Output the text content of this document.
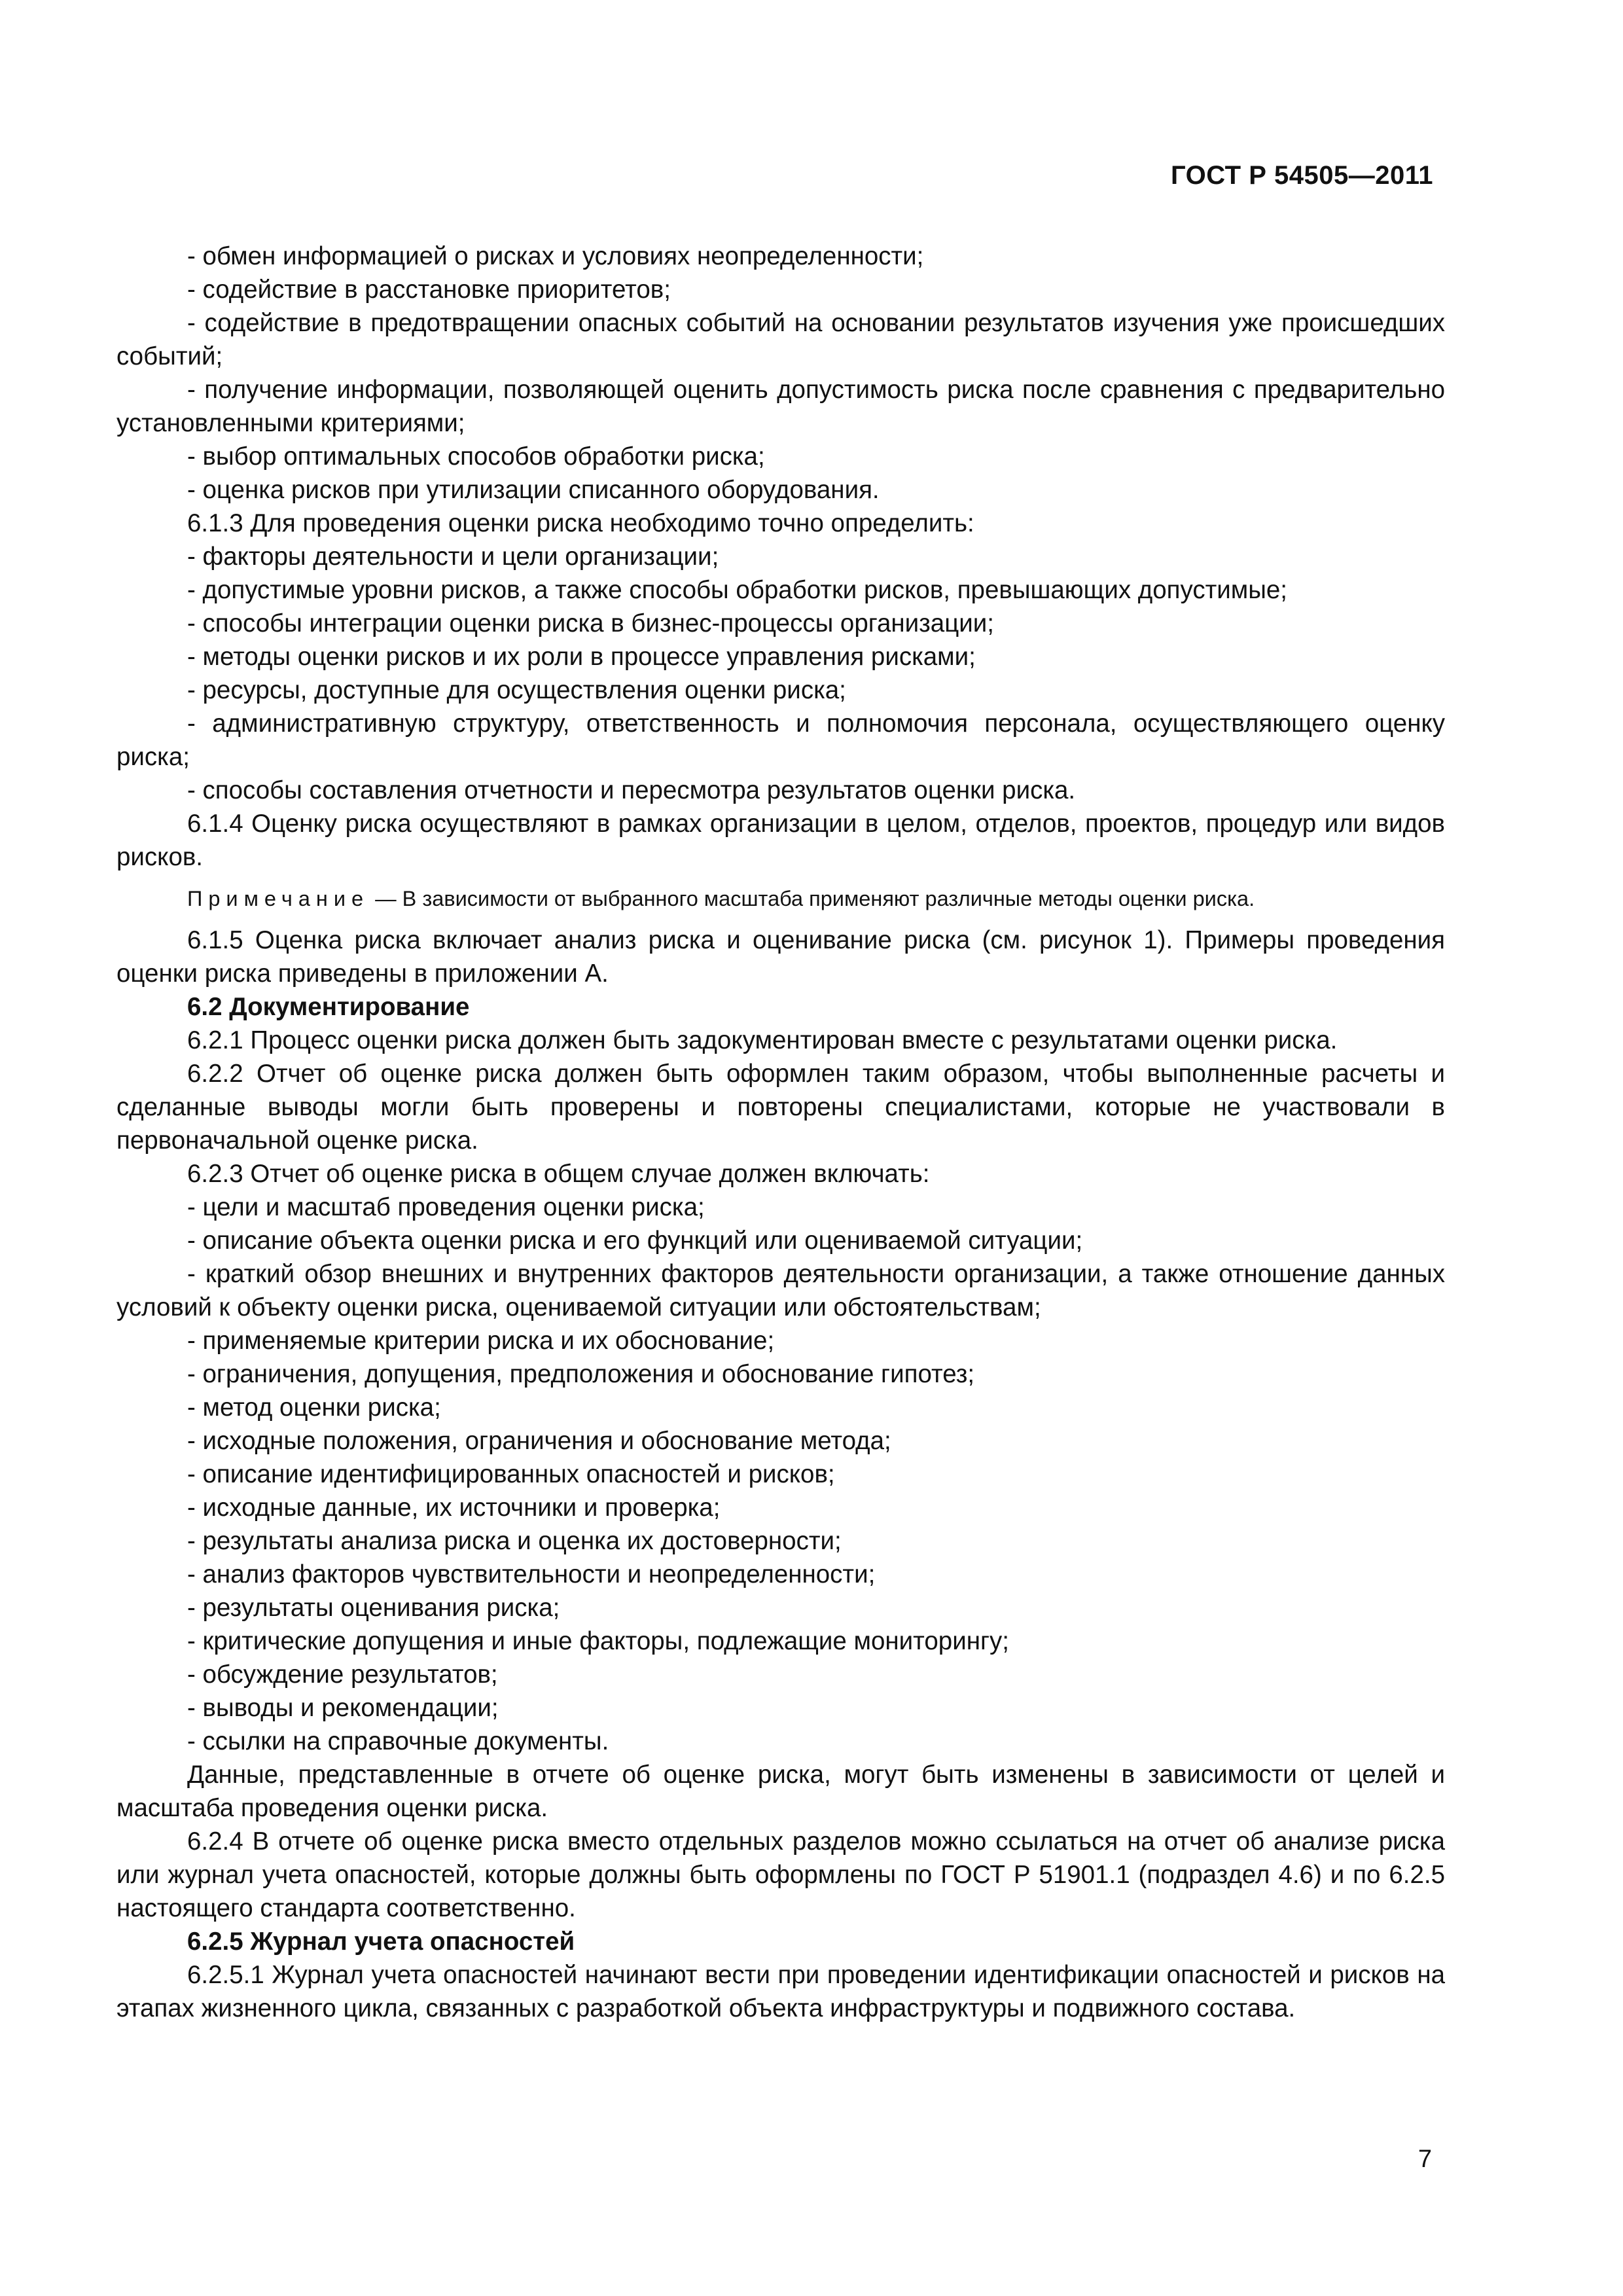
ГОСТ Р 54505—2011

- обмен информацией о рисках и условиях неопределенности;

- содействие в расстановке приоритетов;

- содействие в предотвращении опасных событий на основании результатов изучения уже происшедших событий;

- получение информации, позволяющей оценить допустимость риска после сравнения с предварительно установленными критериями;

- выбор оптимальных способов обработки риска;

- оценка рисков при утилизации списанного оборудования.

6.1.3 Для проведения оценки риска необходимо точно определить:

- факторы деятельности и цели организации;

- допустимые уровни рисков, а также способы обработки рисков, превышающих допустимые;

- способы интеграции оценки риска в бизнес-процессы организации;

- методы оценки рисков и их роли в процессе управления рисками;

- ресурсы, доступные для осуществления оценки риска;

- административную структуру, ответственность и полномочия персонала, осуществляющего оценку риска;

- способы составления отчетности и пересмотра результатов оценки риска.

6.1.4 Оценку риска осуществляют в рамках организации в целом, отделов, проектов, процедур или видов рисков.

Примечание — В зависимости от выбранного масштаба применяют различные методы оценки риска.

6.1.5 Оценка риска включает анализ риска и оценивание риска (см. рисунок 1). Примеры проведения оценки риска приведены в приложении А.

6.2 Документирование

6.2.1 Процесс оценки риска должен быть задокументирован вместе с результатами оценки риска.

6.2.2 Отчет об оценке риска должен быть оформлен таким образом, чтобы выполненные расчеты и сделанные выводы могли быть проверены и повторены специалистами, которые не участвовали в первоначальной оценке риска.

6.2.3 Отчет об оценке риска в общем случае должен включать:

- цели и масштаб проведения оценки риска;

- описание объекта оценки риска и его функций или оцениваемой ситуации;

- краткий обзор внешних и внутренних факторов деятельности организации, а также отношение данных условий к объекту оценки риска, оцениваемой ситуации или обстоятельствам;

- применяемые критерии риска и их обоснование;

- ограничения, допущения, предположения и обоснование гипотез;

- метод оценки риска;

- исходные положения, ограничения и обоснование метода;

- описание идентифицированных опасностей и рисков;

- исходные данные, их источники и проверка;

- результаты анализа риска и оценка их достоверности;

- анализ факторов чувствительности и неопределенности;

- результаты оценивания риска;

- критические допущения и иные факторы, подлежащие мониторингу;

- обсуждение результатов;

- выводы и рекомендации;

- ссылки на справочные документы.

Данные, представленные в отчете об оценке риска, могут быть изменены в зависимости от целей и масштаба проведения оценки риска.

6.2.4 В отчете об оценке риска вместо отдельных разделов можно ссылаться на отчет об анализе риска или журнал учета опасностей, которые должны быть оформлены по ГОСТ Р 51901.1 (подраздел 4.6) и по 6.2.5 настоящего стандарта соответственно.

6.2.5 Журнал учета опасностей

6.2.5.1 Журнал учета опасностей начинают вести при проведении идентификации опасностей и рисков на этапах жизненного цикла, связанных с разработкой объекта инфраструктуры и подвижного состава.

7
